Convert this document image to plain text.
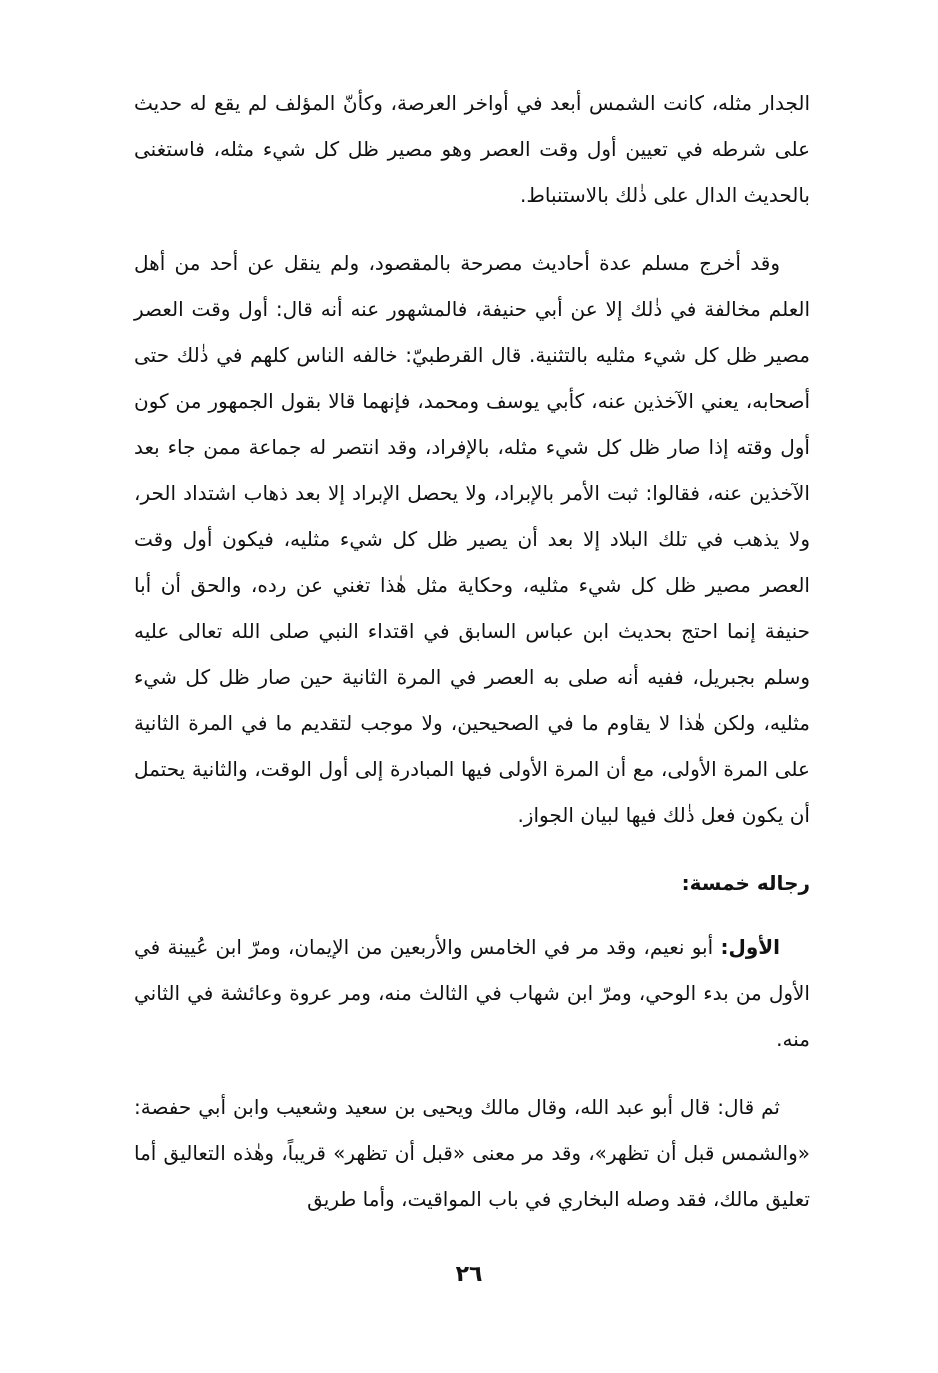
الجدار مثله، كانت الشمس أبعد في أواخر العرصة، وكأنّ المؤلف لم يقع له حديث على شرطه في تعيين أول وقت العصر وهو مصير ظل كل شيء مثله، فاستغنى بالحديث الدال على ذٰلك بالاستنباط.

وقد أخرج مسلم عدة أحاديث مصرحة بالمقصود، ولم ينقل عن أحد من أهل العلم مخالفة في ذٰلك إلا عن أبي حنيفة، فالمشهور عنه أنه قال: أول وقت العصر مصير ظل كل شيء مثليه بالتثنية. قال القرطبيّ: خالفه الناس كلهم في ذٰلك حتى أصحابه، يعني الآخذين عنه، كأبي يوسف ومحمد، فإنهما قالا بقول الجمهور من كون أول وقته إذا صار ظل كل شيء مثله، بالإفراد، وقد انتصر له جماعة ممن جاء بعد الآخذين عنه، فقالوا: ثبت الأمر بالإبراد، ولا يحصل الإبراد إلا بعد ذهاب اشتداد الحر، ولا يذهب في تلك البلاد إلا بعد أن يصير ظل كل شيء مثليه، فيكون أول وقت العصر مصير ظل كل شيء مثليه، وحكاية مثل هٰذا تغني عن رده، والحق أن أبا حنيفة إنما احتج بحديث ابن عباس السابق في اقتداء النبي صلى الله تعالى عليه وسلم بجبريل، ففيه أنه صلى به العصر في المرة الثانية حين صار ظل كل شيء مثليه، ولكن هٰذا لا يقاوم ما في الصحيحين، ولا موجب لتقديم ما في المرة الثانية على المرة الأولى، مع أن المرة الأولى فيها المبادرة إلى أول الوقت، والثانية يحتمل أن يكون فعل ذٰلك فيها لبيان الجواز.

رجاله خمسة:

الأول: أبو نعيم، وقد مر في الخامس والأربعين من الإيمان، ومرّ ابن عُيينة في الأول من بدء الوحي، ومرّ ابن شهاب في الثالث منه، ومر عروة وعائشة في الثاني منه.

ثم قال: قال أبو عبد الله، وقال مالك ويحيى بن سعيد وشعيب وابن أبي حفصة: «والشمس قبل أن تظهر»، وقد مر معنى «قبل أن تظهر» قريباً، وهٰذه التعاليق أما تعليق مالك، فقد وصله البخاري في باب المواقيت، وأما طريق

٢٦
